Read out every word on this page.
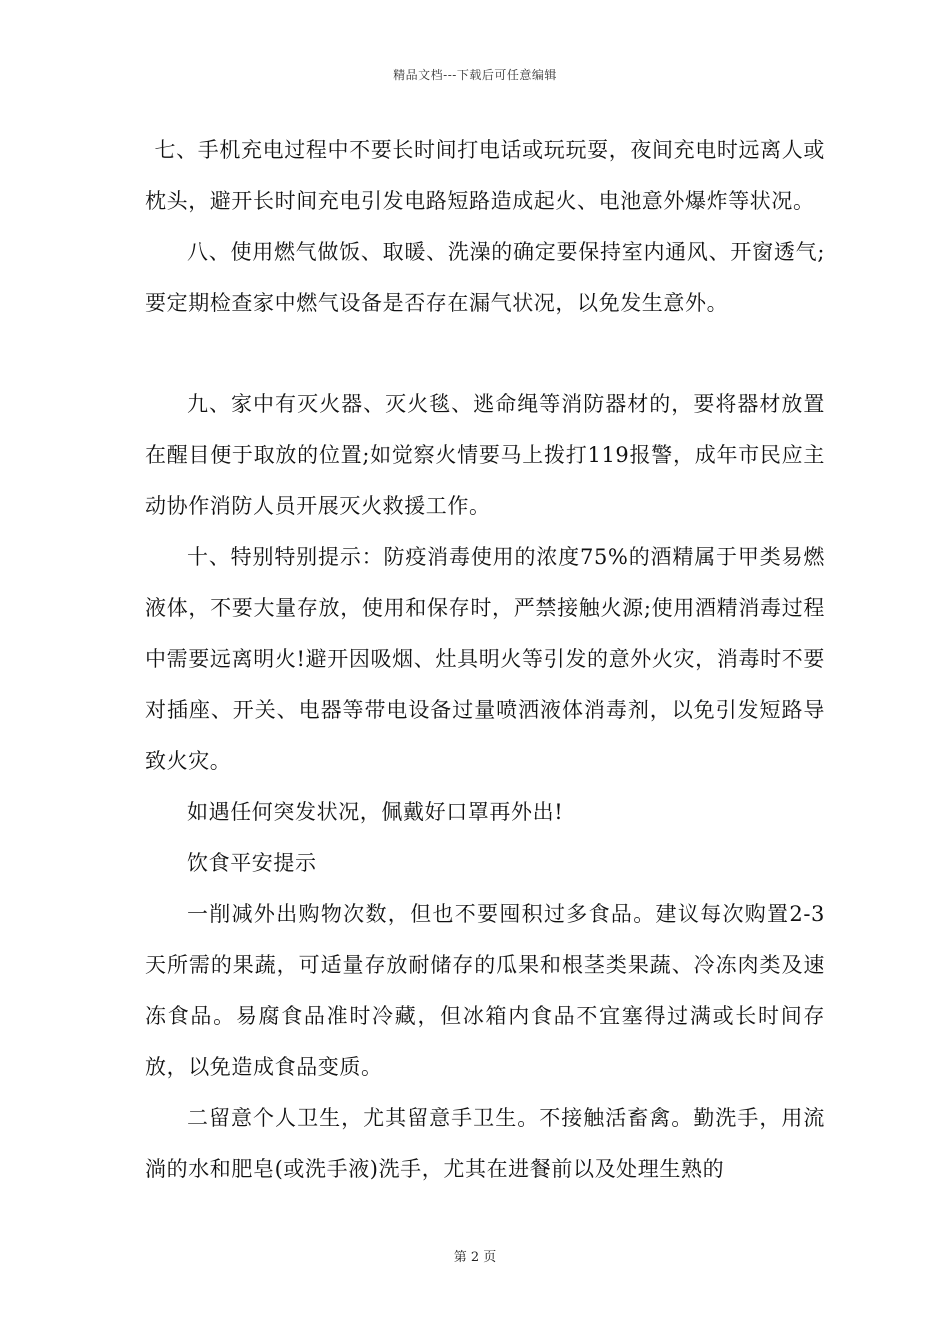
精品文档---下载后可任意编辑

七、手机充电过程中不要长时间打电话或玩玩耍，夜间充电时远离人或枕头，避开长时间充电引发电路短路造成起火、电池意外爆炸等状况。

八、使用燃气做饭、取暖、洗澡的确定要保持室内通风、开窗透气;要定期检查家中燃气设备是否存在漏气状况，以免发生意外。

九、家中有灭火器、灭火毯、逃命绳等消防器材的，要将器材放置在醒目便于取放的位置;如觉察火情要马上拨打119报警，成年市民应主动协作消防人员开展灭火救援工作。

十、特别特别提示：防疫消毒使用的浓度75%的酒精属于甲类易燃液体，不要大量存放，使用和保存时，严禁接触火源;使用酒精消毒过程中需要远离明火!避开因吸烟、灶具明火等引发的意外火灾，消毒时不要对插座、开关、电器等带电设备过量喷洒液体消毒剂，以免引发短路导致火灾。

如遇任何突发状况，佩戴好口罩再外出!

饮食平安提示

一削减外出购物次数，但也不要囤积过多食品。建议每次购置2-3天所需的果蔬，可适量存放耐储存的瓜果和根茎类果蔬、冷冻肉类及速冻食品。易腐食品准时冷藏，但冰箱内食品不宜塞得过满或长时间存放，以免造成食品变质。

二留意个人卫生，尤其留意手卫生。不接触活畜禽。勤洗手，用流淌的水和肥皂(或洗手液)洗手，尤其在进餐前以及处理生熟的

第 2 页
